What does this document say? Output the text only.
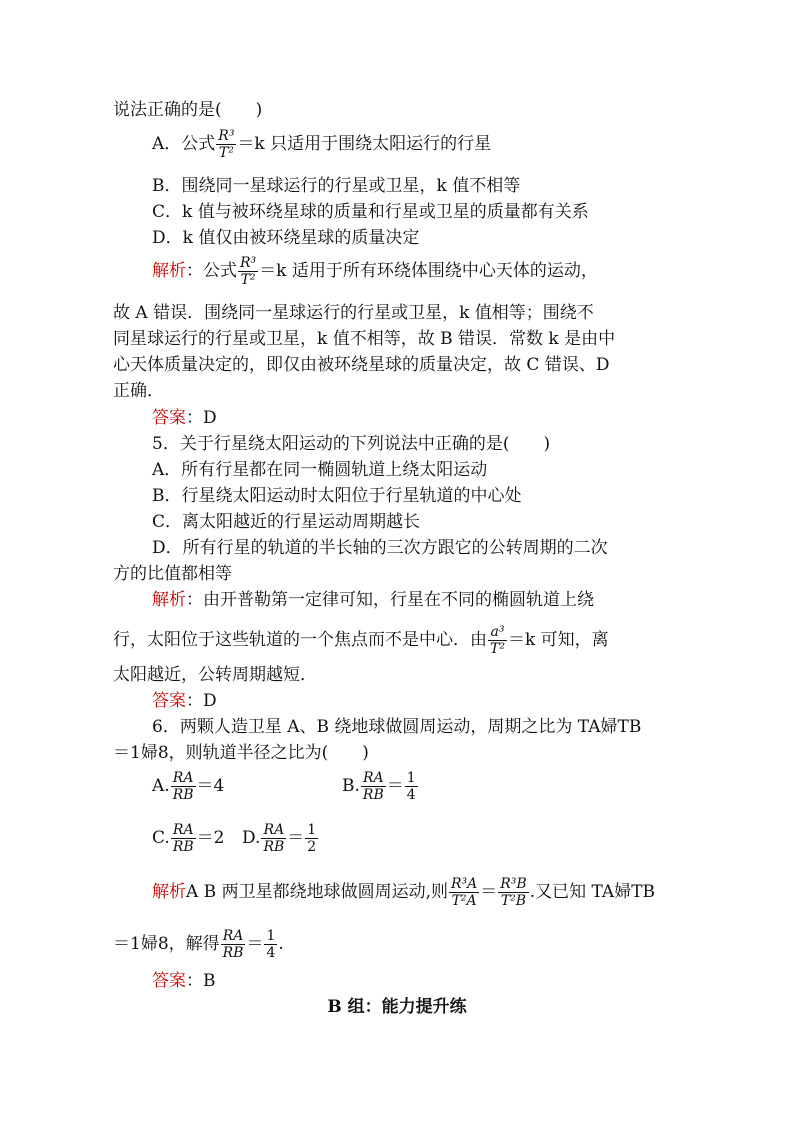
说法正确的是(　　)
A．公式 $\frac{\text{R³}}{\text{T²}} =k$ 只适用于围绕太阳运行的行星
B．围绕同一星球运行的行星或卫星，k 值不相等
C．k 值与被环绕星球的质量和行星或卫星的质量都有关系
D．k 值仅由被环绕星球的质量决定
解析：公式 $\frac{\text{R³}}{\text{T²}} =k$ 适用于所有环绕体围绕中心天体的运动，
故 A 错误．围绕同一星球运行的行星或卫星，k 值相等；围绕不
同星球运行的行星或卫星，k 值不相等，故 B 错误．常数 k 是由中
心天体质量决定的，即仅由被环绕星球的质量决定，故 C 错误、D
正确．
答案：D
5．关于行星绕太阳运动的下列说法中正确的是(　　)
A．所有行星都在同一椭圆轨道上绕太阳运动
B．行星绕太阳运动时太阳位于行星轨道的中心处
C．离太阳越近的行星运动周期越长
D．所有行星的轨道的半长轴的三次方跟它的公转周期的二次
方的比值都相等
解析：由开普勒第一定律可知，行星在不同的椭圆轨道上绕
行，太阳位于这些轨道的一个焦点而不是中心．由 $\frac{\text{a³}}{\text{T²}} =k$ 可知，离
太阳越近，公转周期越短．
答案：D
6．两颗人造卫星 A、B 绕地球做圆周运动，周期之比为 TA婦TB
＝1婦8，则轨道半径之比为(　　)
A. $\frac{RA}{RB} =4$	B. $\frac{RA}{RB} = \frac{1}{4}$
C. $\frac{RA}{RB} =2$ D. $\frac{RA}{RB} = \frac{1}{2}$
解析A B 两卫星都绕地球做圆周运动,则 $\frac{\text{R³A}}{\text{T²A}} = \frac{\text{R³B}}{\text{T²B}}$ .又已知 TA婦TB
＝1婦8，解得 $\frac{RA}{RB} = \frac{1}{4}$ .
答案：B
B 组：能力提升练
